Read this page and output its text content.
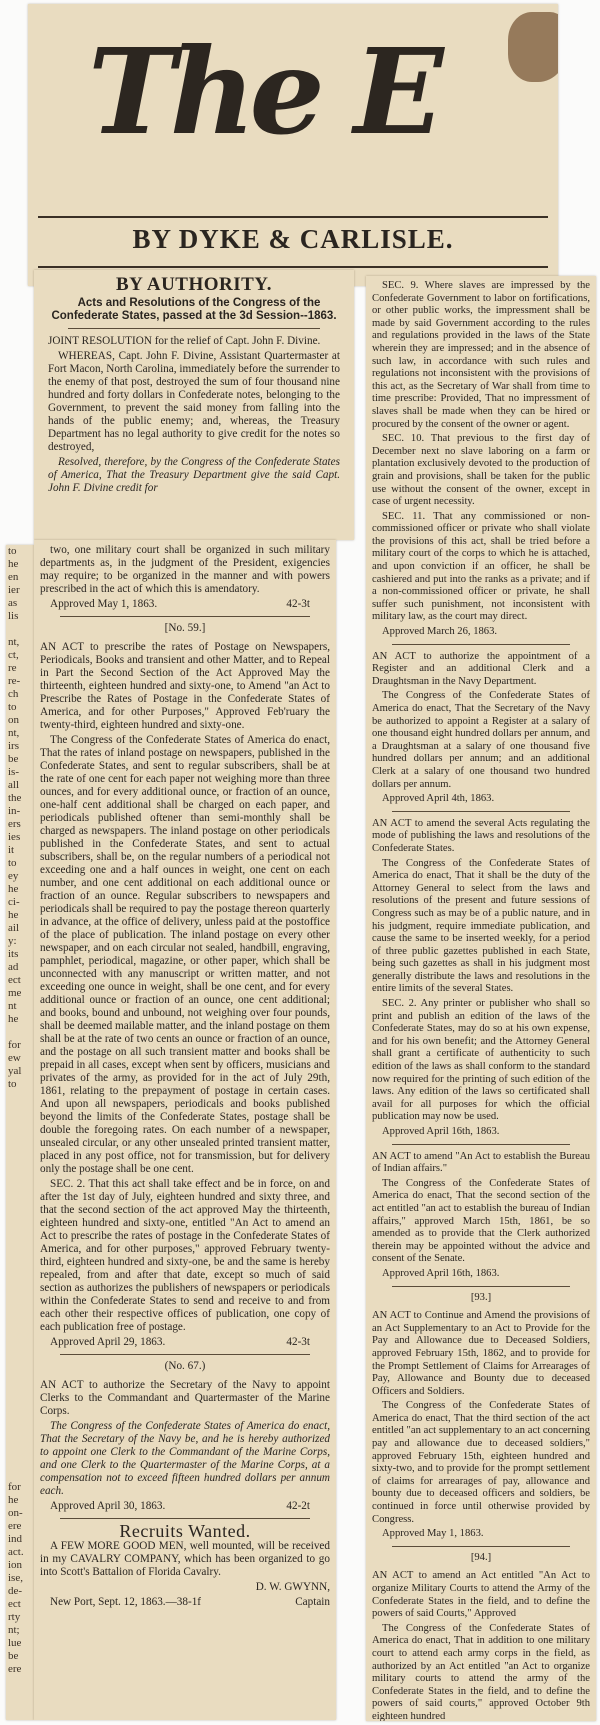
The E
BY DYKE & CARLISLE.
BY AUTHORITY.

Acts and Resolutions of the Congress of the Confederate States, passed at the 3d Session--1863.

JOINT RESOLUTION for the relief of Capt. John F. Divine.

WHEREAS, Capt. John F. Divine, Assistant Quartermaster at Fort Macon, North Carolina, immediately before the surrender to the enemy of that post, destroyed the sum of four thousand nine hundred and forty dollars in Confederate notes, belonging to the Government, to prevent the said money from falling into the hands of the public enemy; and, whereas, the Treasury Department has no legal authority to give credit for the notes so destroyed,

Resolved, therefore, by the Congress of the Confederate States of America, That the Treasury Department give the said Capt. John F. Divine credit for

to
he
en
ier
as
lis
nt,
ct,
re
re-
ch
to
on
nt,
irs
be
is-
all
the
in-
ers
ies
it
to
ey
he
ci-
he
ail
y:
its
ad
ect
me
nt
he
for
ew
yal
to
for
he
on-
ere
ind
act.
ion
ise,
de-
ect
rty
nt;
lue
be
ere

two, one military court shall be organized in such military departments as, in the judgment of the President, exigencies may require; to be organized in the manner and with powers prescribed in the act of which this is amendatory.

Approved May 1, 1863.	42-3t

[No. 59.]

AN ACT to prescribe the rates of Postage on Newspapers, Periodicals, Books and transient and other Matter, and to Repeal in Part the Second Section of the Act Approved May the thirteenth, eighteen hundred and sixty-one, to Amend "an Act to Prescribe the Rates of Postage in the Confederate States of America, and for other Purposes," Approved Feb'ruary the twenty-third, eighteen hundred and sixty-one.

The Congress of the Confederate States of America do enact, That the rates of inland postage on newspapers, published in the Confederate States, and sent to regular subscribers, shall be at the rate of one cent for each paper not weighing more than three ounces, and for every additional ounce, or fraction of an ounce, one-half cent additional shall be charged on each paper, and periodicals published oftener than semi-monthly shall be charged as newspapers. The inland postage on other periodicals published in the Confederate States, and sent to actual subscribers, shall be, on the regular numbers of a periodical not exceeding one and a half ounces in weight, one cent on each number, and one cent additional on each additional ounce or fraction of an ounce. Regular subscribers to newspapers and periodicals shall be required to pay the postage thereon quarterly in advance, at the office of delivery, unless paid at the postoffice of the place of publication. The inland postage on every other newspaper, and on each circular not sealed, handbill, engraving, pamphlet, periodical, magazine, or other paper, which shall be unconnected with any manuscript or written matter, and not exceeding one ounce in weight, shall be one cent, and for every additional ounce or fraction of an ounce, one cent additional; and books, bound and unbound, not weighing over four pounds, shall be deemed mailable matter, and the inland postage on them shall be at the rate of two cents an ounce or fraction of an ounce, and the postage on all such transient matter and books shall be prepaid in all cases, except when sent by officers, musicians and privates of the army, as provided for in the act of July 29th, 1861, relating to the prepayment of postage in certain cases. And upon all newspapers, periodicals and books published beyond the limits of the Confederate States, postage shall be double the foregoing rates. On each number of a newspaper, unsealed circular, or any other unsealed printed transient matter, placed in any post office, not for transmission, but for delivery only the postage shall be one cent.

SEC. 2. That this act shall take effect and be in force, on and after the 1st day of July, eighteen hundred and sixty three, and that the second section of the act approved May the thirteenth, eighteen hundred and sixty-one, entitled "An Act to amend an Act to prescribe the rates of postage in the Confederate States of America, and for other purposes," approved February twenty-third, eighteen hundred and sixty-one, be and the same is hereby repealed, from and after that date, except so much of said section as authorizes the publishers of newspapers or periodicals within the Confederate States to send and receive to and from each other their respective offices of publication, one copy of each publication free of postage.

Approved April 29, 1863.	42-3t

(No. 67.)

AN ACT to authorize the Secretary of the Navy to appoint Clerks to the Commandant and Quartermaster of the Marine Corps.

The Congress of the Confederate States of America do enact, That the Secretary of the Navy be, and he is hereby authorized to appoint one Clerk to the Commandant of the Marine Corps, and one Clerk to the Quartermaster of the Marine Corps, at a compensation not to exceed fifteen hundred dollars per annum each.

Approved April 30, 1863.	42-2t

Recruits Wanted.

A FEW MORE GOOD MEN, well mounted, will be received in my CAVALRY COMPANY, which has been organized to go into Scott's Battalion of Florida Cavalry.

D. W. GWYNN,

New Port, Sept. 12, 1863.—38-1f	Captain

SEC. 9. Where slaves are impressed by the Confederate Government to labor on fortifications, or other public works, the impressment shall be made by said Government according to the rules and regulations provided in the laws of the State wherein they are impressed; and in the absence of such law, in accordance with such rules and regulations not inconsistent with the provisions of this act, as the Secretary of War shall from time to time prescribe: Provided, That no impressment of slaves shall be made when they can be hired or procured by the consent of the owner or agent.

SEC. 10. That previous to the first day of December next no slave laboring on a farm or plantation exclusively devoted to the production of grain and provisions, shall be taken for the public use without the consent of the owner, except in case of urgent necessity.

SEC. 11. That any commissioned or non-commissioned officer or private who shall violate the provisions of this act, shall be tried before a military court of the corps to which he is attached, and upon conviction if an officer, he shall be cashiered and put into the ranks as a private; and if a non-commissioned officer or private, he shall suffer such punishment, not inconsistent with military law, as the court may direct.

Approved March 26, 1863.

AN ACT to authorize the appointment of a Register and an additional Clerk and a Draughtsman in the Navy Department.

The Congress of the Confederate States of America do enact, That the Secretary of the Navy be authorized to appoint a Register at a salary of one thousand eight hundred dollars per annum, and a Draughtsman at a salary of one thousand five hundred dollars per annum; and an additional Clerk at a salary of one thousand two hundred dollars per annum.

Approved April 4th, 1863.

AN ACT to amend the several Acts regulating the mode of publishing the laws and resolutions of the Confederate States.

The Congress of the Confederate States of America do enact, That it shall be the duty of the Attorney General to select from the laws and resolutions of the present and future sessions of Congress such as may be of a public nature, and in his judgment, require immediate publication, and cause the same to be inserted weekly, for a period of three public gazettes published in each State, being such gazettes as shall in his judgment most generally distribute the laws and resolutions in the entire limits of the several States.

SEC. 2. Any printer or publisher who shall so print and publish an edition of the laws of the Confederate States, may do so at his own expense, and for his own benefit; and the Attorney General shall grant a certificate of authenticity to such edition of the laws as shall conform to the standard now required for the printing of such edition of the laws. Any edition of the laws so certificated shall avail for all purposes for which the official publication may now be used.

Approved April 16th, 1863.

AN ACT to amend "An Act to establish the Bureau of Indian affairs."

The Congress of the Confederate States of America do enact, That the second section of the act entitled "an act to establish the bureau of Indian affairs," approved March 15th, 1861, be so amended as to provide that the Clerk authorized therein may be appointed without the advice and consent of the Senate.

Approved April 16th, 1863.

[93.]

AN ACT to Continue and Amend the provisions of an Act Supplementary to an Act to Provide for the Pay and Allowance due to Deceased Soldiers, approved February 15th, 1862, and to provide for the Prompt Settlement of Claims for Arrearages of Pay, Allowance and Bounty due to deceased Officers and Soldiers.

The Congress of the Confederate States of America do enact, That the third section of the act entitled "an act supplementary to an act concerning pay and allowance due to deceased soldiers," approved February 15th, eighteen hundred and sixty-two, and to provide for the prompt settlement of claims for arrearages of pay, allowance and bounty due to deceased officers and soldiers, be continued in force until otherwise provided by Congress.

Approved May 1, 1863.

[94.]

AN ACT to amend an Act entitled "An Act to organize Military Courts to attend the Army of the Confederate States in the field, and to define the powers of said Courts," Approved

The Congress of the Confederate States of America do enact, That in addition to one military court to attend each army corps in the field, as authorized by an Act entitled "an Act to organize military courts to attend the army of the Confederate States in the field, and to define the powers of said courts," approved October 9th eighteen hundred
